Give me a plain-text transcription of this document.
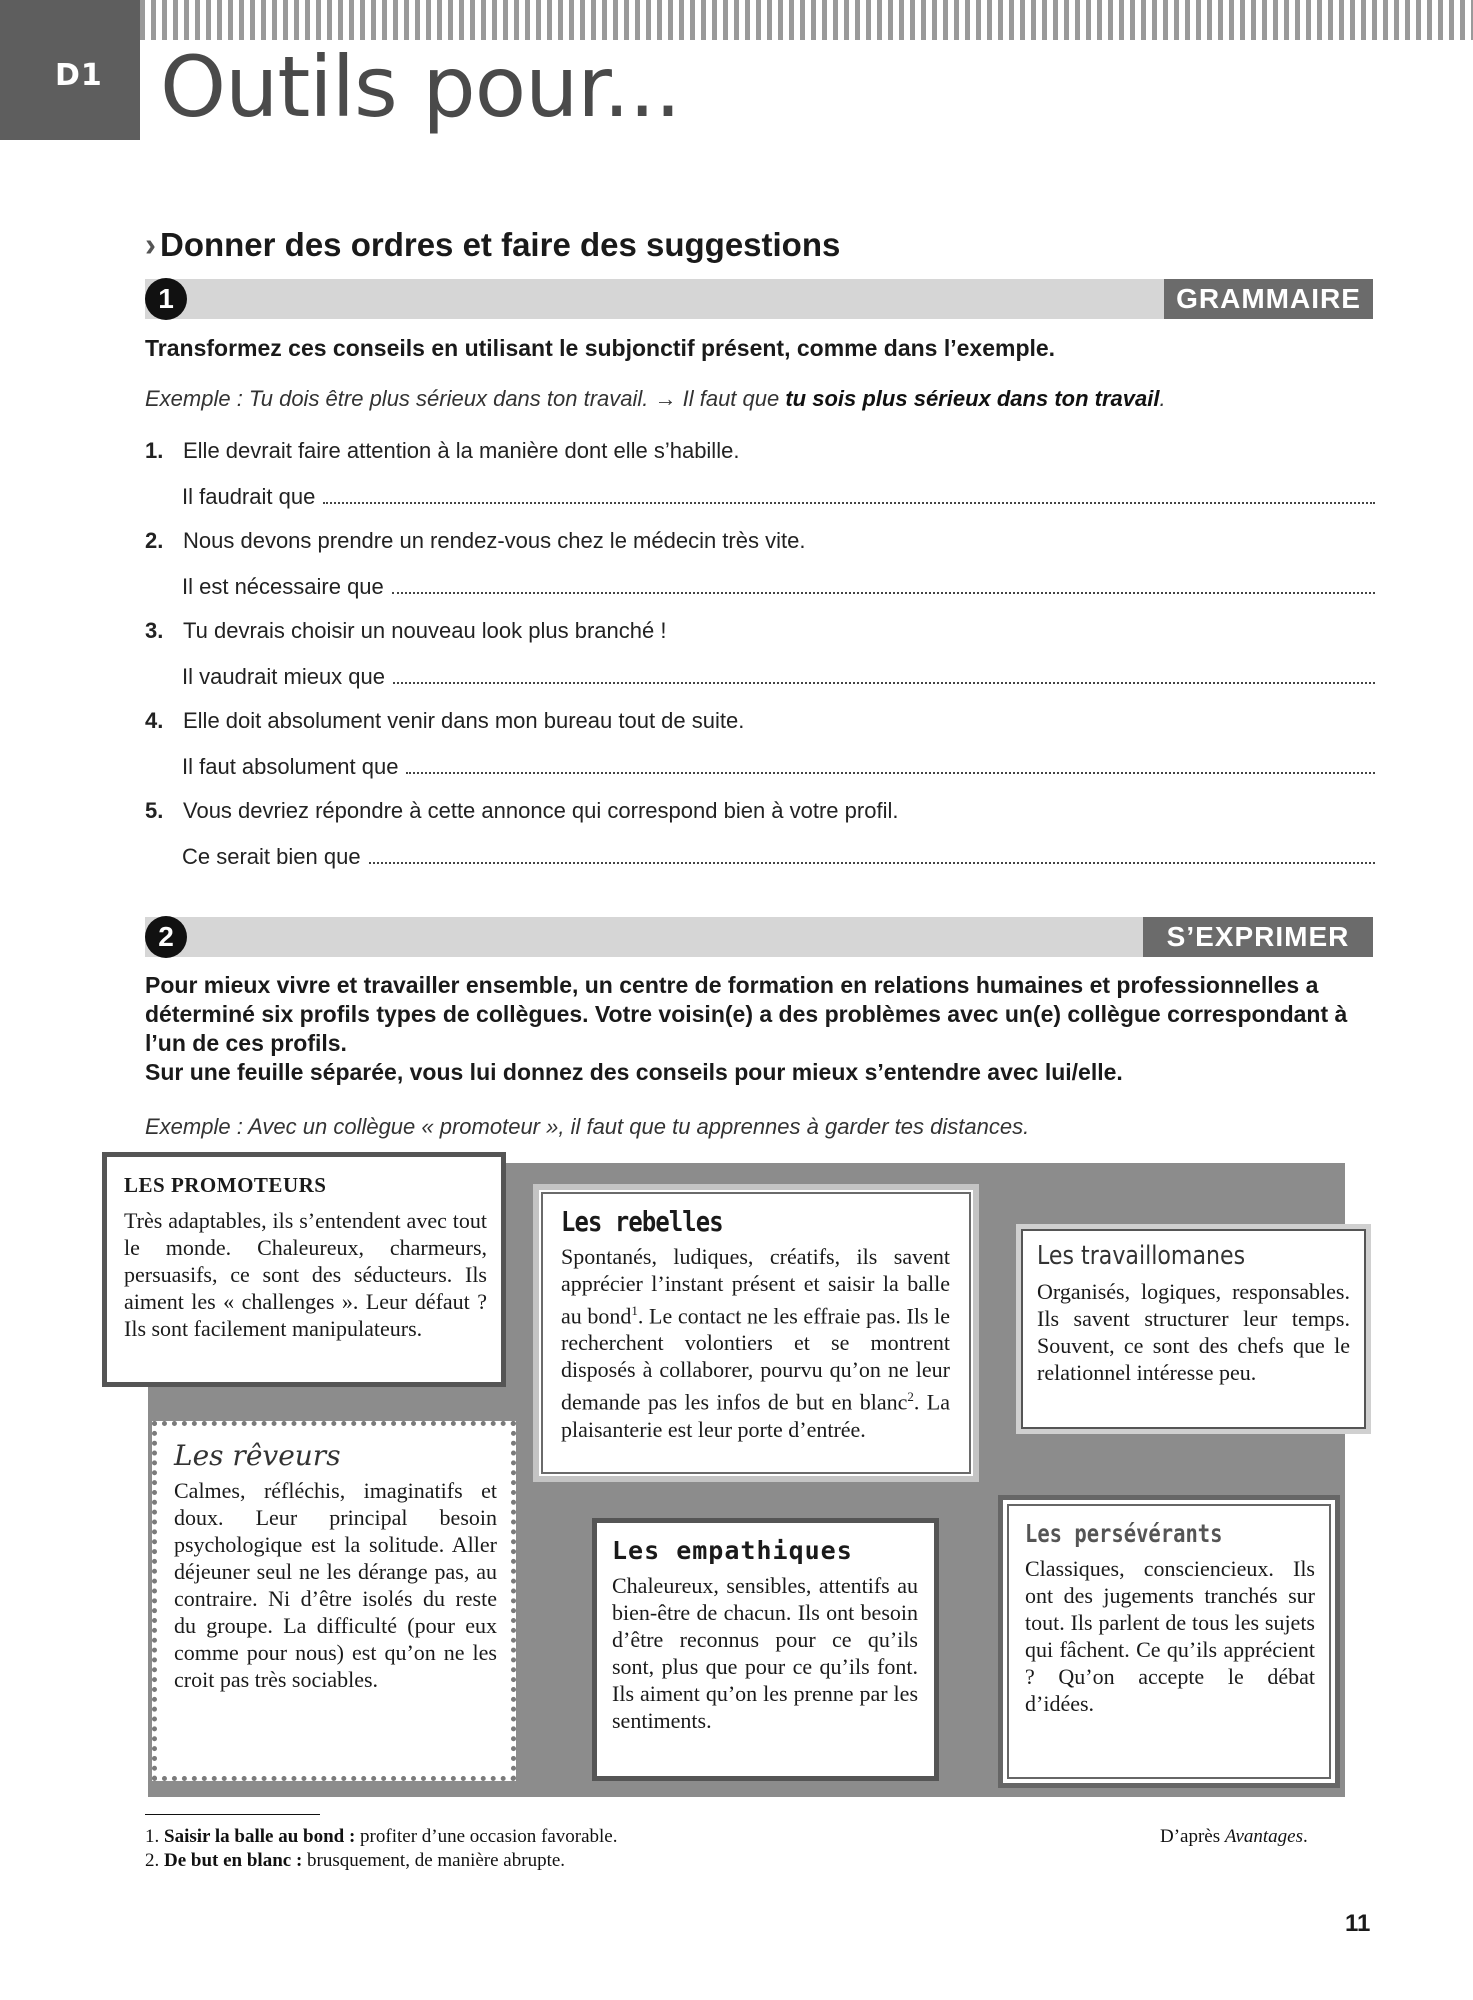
D1 Outils pour...
› Donner des ordres et faire des suggestions
1	GRAMMAIRE
Transformez ces conseils en utilisant le subjonctif présent, comme dans l’exemple.
Exemple : Tu dois être plus sérieux dans ton travail. → Il faut que tu sois plus sérieux dans ton travail.
1. Elle devrait faire attention à la manière dont elle s’habille.
Il faudrait que
2. Nous devons prendre un rendez-vous chez le médecin très vite.
Il est nécessaire que
3. Tu devrais choisir un nouveau look plus branché !
Il vaudrait mieux que
4. Elle doit absolument venir dans mon bureau tout de suite.
Il faut absolument que
5. Vous devriez répondre à cette annonce qui correspond bien à votre profil.
Ce serait bien que
2	S’EXPRIMER
Pour mieux vivre et travailler ensemble, un centre de formation en relations humaines et professionnelles a déterminé six profils types de collègues. Votre voisin(e) a des problèmes avec un(e) collègue correspondant à l’un de ces profils.
Sur une feuille séparée, vous lui donnez des conseils pour mieux s’entendre avec lui/elle.
Exemple : Avec un collègue « promoteur », il faut que tu apprennes à garder tes distances.
LES PROMOTEURS

Très adaptables, ils s’entendent avec tout le monde. Chaleureux, charmeurs, persuasifs, ce sont des séducteurs. Ils aiment les « challenges ». Leur défaut ? Ils sont facilement manipulateurs.

Les rebelles

Spontanés, ludiques, créatifs, ils savent apprécier l’instant présent et saisir la balle au bond$^1$. Le contact ne les effraie pas. Ils le recherchent volontiers et se montrent disposés à collaborer, pourvu qu’on ne leur demande pas les infos de but en blanc$^2$. La plaisanterie est leur porte d’entrée.

Les travaillomanes

Organisés, logiques, responsables. Ils savent structurer leur temps. Souvent, ce sont des chefs que le relationnel intéresse peu.

Les rêveurs

Calmes, réfléchis, imaginatifs et doux. Leur principal besoin psychologique est la solitude. Aller déjeuner seul ne les dérange pas, au contraire. Ni d’être isolés du reste du groupe. La difficulté (pour eux comme pour nous) est qu’on ne les croit pas très sociables.

Les empathiques

Chaleureux, sensibles, attentifs au bien-être de chacun. Ils ont besoin d’être reconnus pour ce qu’ils sont, plus que pour ce qu’ils font. Ils aiment qu’on les prenne par les sentiments.

Les persévérants

Classiques, consciencieux. Ils ont des jugements tranchés sur tout. Ils parlent de tous les sujets qui fâchent. Ce qu’ils apprécient ? Qu’on accepte le débat d’idées.

1. Saisir la balle au bond : profiter d’une occasion favorable.
2. De but en blanc : brusquement, de manière abrupte.
D’après Avantages.
11
